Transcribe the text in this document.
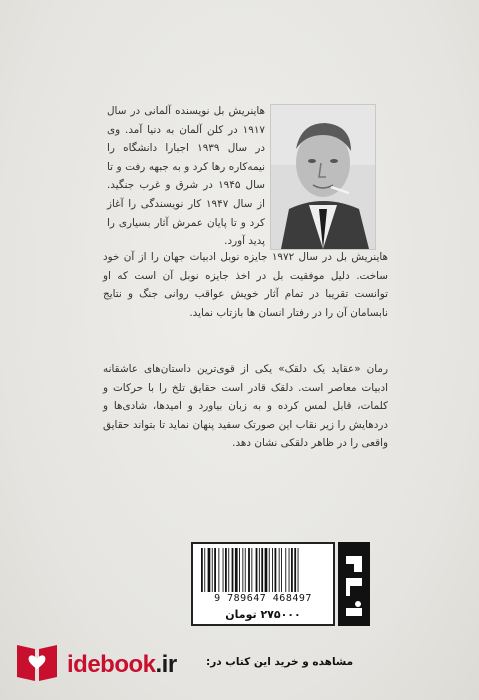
هاینریش بل نویسنده آلمانی در سال ۱۹۱۷ در کلن آلمان به دنیا آمد. وی در سال ۱۹۳۹ اجبارا دانشگاه را نیمه‌کاره رها کرد و به جبهه رفت و تا سال ۱۹۴۵ در شرق و غرب جنگید. از سال ۱۹۴۷ کار نویسندگی را آغاز کرد و تا پایان عمرش آثار بسیاری را پدید آورد.

هاینریش بل در سال ۱۹۷۲ جایزه نوبل ادبیات جهان را از آن خود ساخت. دلیل موفقیت بل در اخذ جایزه نوبل آن است که او توانست تقریبا در تمام آثار خویش عواقب روانی جنگ و نتایج نابسامان آن را در رفتار انسان ها بازتاب نماید.

رمان «عقاید یک دلقک» یکی از قوی‌ترین داستان‌های عاشقانه ادبیات معاصر است. دلقک قادر است حقایق تلخ را با حرکات و کلمات، قابل لمس کرده و به زبان بیاورد و امیدها، شادی‌ها و دردهایش را زیر نقاب این صورتک سفید پنهان نماید تا بتواند حقایق واقعی را در ظاهر دلقکی نشان دهد.

9 789647 468497
۲۷۵۰۰۰ تومان
idebook.ir	مشاهده و خرید این کتاب در:
